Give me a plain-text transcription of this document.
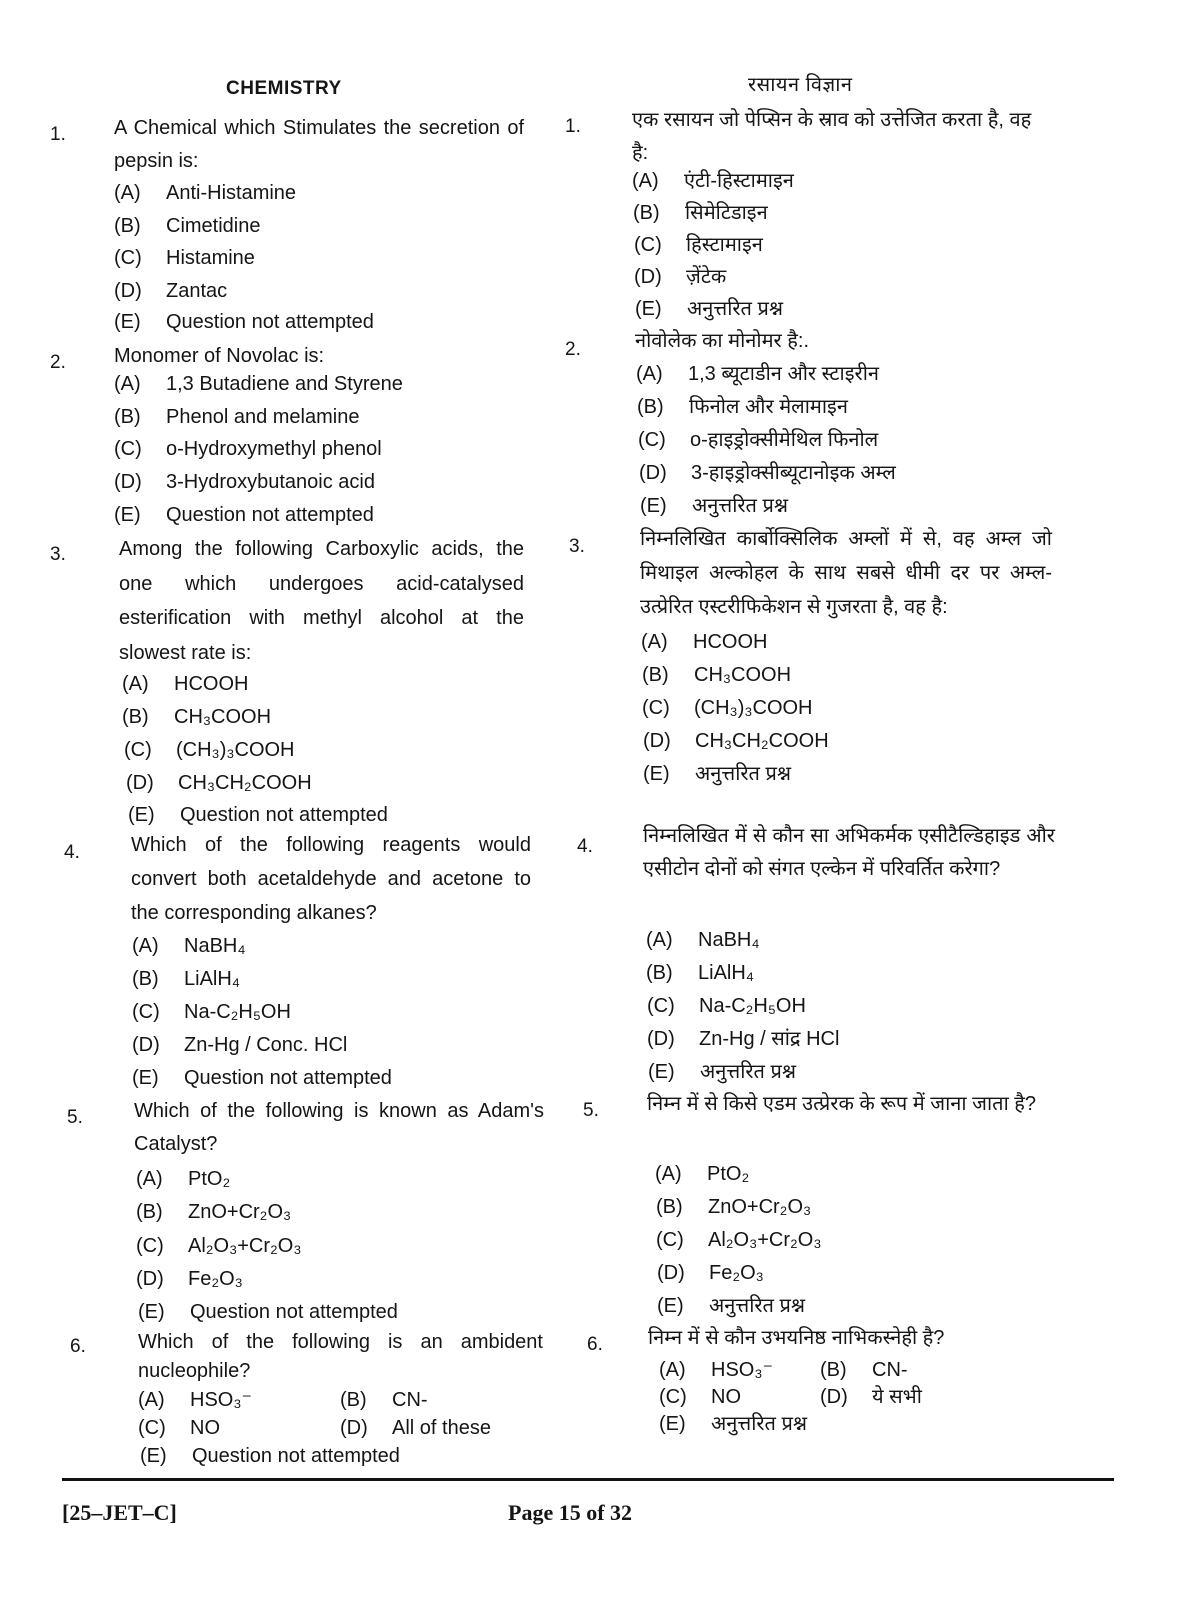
CHEMISTRY
1. A Chemical which Stimulates the secretion of pepsin is:
(A) Anti-Histamine
(B) Cimetidine
(C) Histamine
(D) Zantac
(E) Question not attempted
2. Monomer of Novolac is:
(A) 1,3 Butadiene and Styrene
(B) Phenol and melamine
(C) o-Hydroxymethyl phenol
(D) 3-Hydroxybutanoic acid
(E) Question not attempted
3.	Among the following Carboxylic acids, the one which undergoes acid-catalysed esterification with methyl alcohol at the slowest rate is:
(A) HCOOH
(B) CH₃COOH
(C) (CH₃)₃COOH
(D) CH₃CH₂COOH
(E) Question not attempted
4.	Which of the following reagents would convert both acetaldehyde and acetone to the corresponding alkanes?
(A) NaBH₄
(B) LiAlH₄
(C) Na-C₂H₅OH
(D) Zn-Hg / Conc. HCl
(E) Question not attempted
5.	Which of the following is known as Adam's Catalyst?
(A) PtO₂
(B) ZnO+Cr₂O₃
(C) Al₂O₃+Cr₂O₃
(D) Fe₂O₃
(E) Question not attempted
6.	Which of the following is an ambident nucleophile?
(A) HSO₃⁻	(B) CN-
(C) NO	(D) All of these
(E) Question not attempted
रसायन विज्ञान
1.	एक रसायन जो पेप्सिन के स्राव को उत्तेजित करता है, वह है:
(A) एंटी-हिस्टामाइन
(B) सिमेटिडाइन
(C) हिस्टामाइन
(D) ज़ेंटेक
(E) अनुत्तरित प्रश्न
2.	नोवोलेक का मोनोमर है:.
(A) 1,3 ब्यूटाडीन और स्टाइरीन
(B) फिनोल और मेलामाइन
(C) o-हाइड्रोक्सीमेथिल फिनोल
(D) 3-हाइड्रोक्सीब्यूटानोइक अम्ल
(E) अनुत्तरित प्रश्न
3.	निम्नलिखित कार्बोक्सिलिक अम्लों में से, वह अम्ल जो मिथाइल अल्कोहल के साथ सबसे धीमी दर पर अम्ल-उत्प्रेरित एस्टरीफिकेशन से गुजरता है, वह है:
(A) HCOOH
(B) CH₃COOH
(C) (CH₃)₃COOH
(D) CH₃CH₂COOH
(E) अनुत्तरित प्रश्न
4.	निम्नलिखित में से कौन सा अभिकर्मक एसीटैल्डिहाइड और एसीटोन दोनों को संगत एल्केन में परिवर्तित करेगा?
(A) NaBH₄
(B) LiAlH₄
(C) Na-C₂H₅OH
(D) Zn-Hg / सांद्र HCl
(E) अनुत्तरित प्रश्न
5. निम्न में से किसे एडम उत्प्रेरक के रूप में जाना जाता है?
(A) PtO₂
(B) ZnO+Cr₂O₃
(C) Al₂O₃+Cr₂O₃
(D) Fe₂O₃
(E) अनुत्तरित प्रश्न
6. निम्न में से कौन उभयनिष्ठ नाभिकस्नेही है?
(A) HSO₃⁻ (B) CN-
(C) NO	(D) ये सभी
(E) अनुत्तरित प्रश्न
[25–JET–C]	Page 15 of 32
